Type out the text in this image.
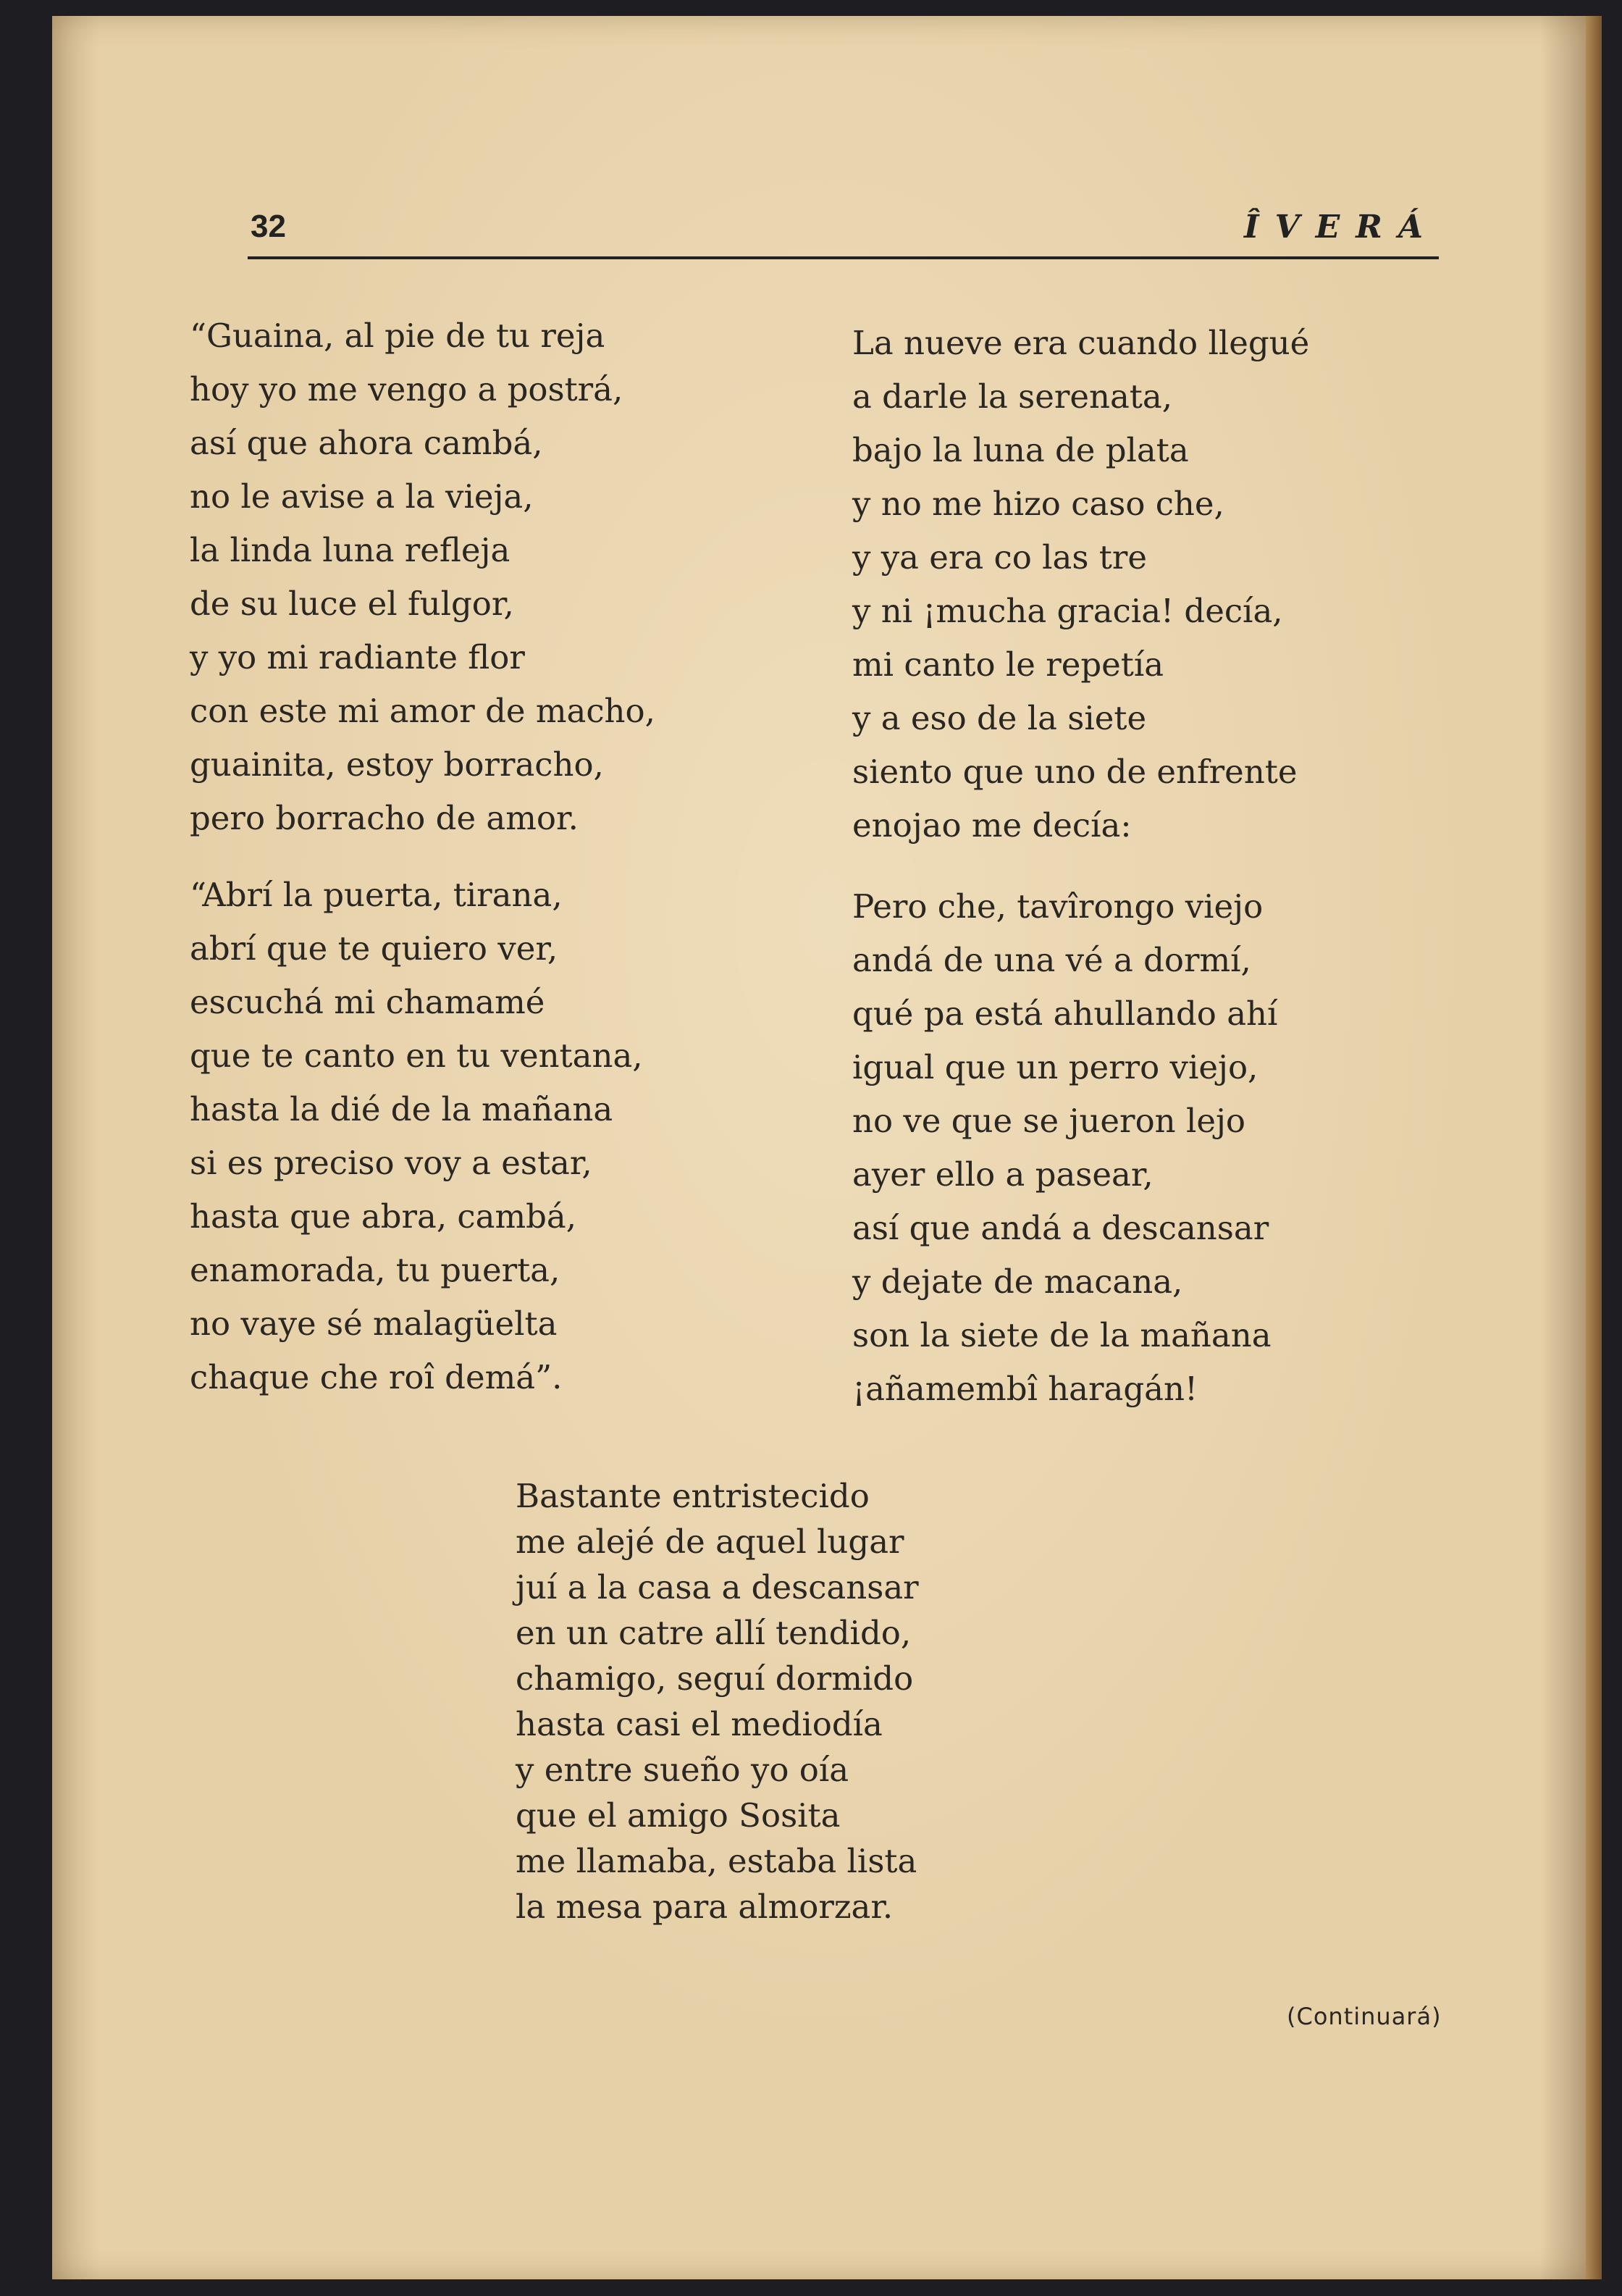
32	ÎVERÁ
“Guaina, al pie de tu reja
hoy yo me vengo a postrá,
así que ahora cambá,
no le avise a la vieja,
la linda luna refleja
de su luce el fulgor,
y yo mi radiante flor
con este mi amor de macho,
guainita, estoy borracho,
pero borracho de amor.
“Abrí la puerta, tirana,
abrí que te quiero ver,
escuchá mi chamamé
que te canto en tu ventana,
hasta la dié de la mañana
si es preciso voy a estar,
hasta que abra, cambá,
enamorada, tu puerta,
no vaye sé malagüelta
chaque che roî demá”.
La nueve era cuando llegué
a darle la serenata,
bajo la luna de plata
y no me hizo caso che,
y ya era co las tre
y ni ¡mucha gracia! decía,
mi canto le repetía
y a eso de la siete
siento que uno de enfrente
enojao me decía:
Pero che, tavîrongo viejo
andá de una vé a dormí,
qué pa está ahullando ahí
igual que un perro viejo,
no ve que se jueron lejo
ayer ello a pasear,
así que andá a descansar
y dejate de macana,
son la siete de la mañana
¡añamembî haragán!
Bastante entristecido
me alejé de aquel lugar
juí a la casa a descansar
en un catre allí tendido,
chamigo, seguí dormido
hasta casi el mediodía
y entre sueño yo oía
que el amigo Sosita
me llamaba, estaba lista
la mesa para almorzar.
(Continuará)
